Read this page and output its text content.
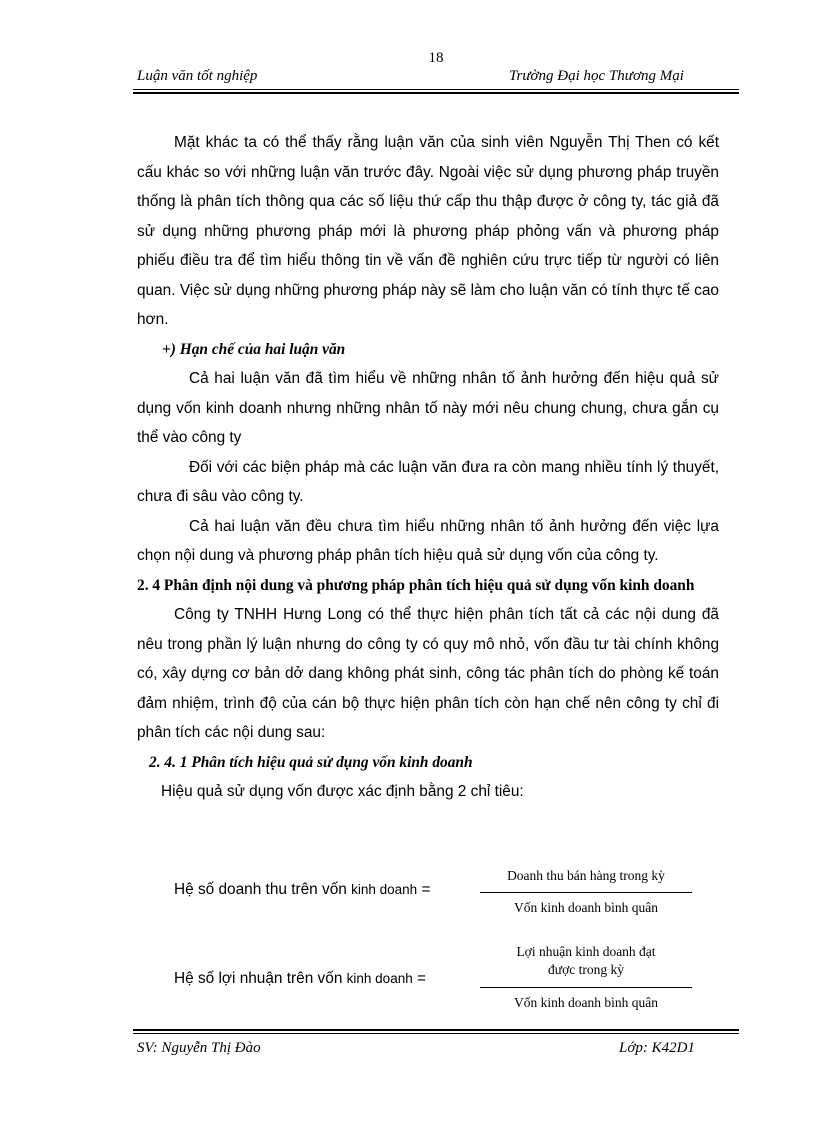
18
Luận văn tốt nghiệp	Trường Đại học Thương Mại

Mặt khác ta có thể thấy rằng luận văn của sinh viên Nguyễn Thị Then có kết cấu khác so với những luận văn trước đây. Ngoài việc sử dụng phương pháp truyền thống là phân tích thông qua các số liệu thứ cấp thu thập được ở công ty, tác giả đã sử dụng những phương pháp mới là phương pháp phỏng vấn và phương pháp phiếu điều tra để tìm hiểu thông tin về vấn đề nghiên cứu trực tiếp từ người có liên quan. Việc sử dụng những phương pháp này sẽ làm cho luận văn có tính thực tế cao hơn.

+) Hạn chế của hai luận văn

Cả hai luận văn đã tìm hiểu về những nhân tố ảnh hưởng đến hiệu quả sử dụng vốn kinh doanh nhưng những nhân tố này mới nêu chung chung, chưa gắn cụ thể vào công ty

Đối với các biện pháp mà các luận văn đưa ra còn mang nhiều tính lý thuyết, chưa đi sâu vào công ty.

Cả hai luận văn đều chưa tìm hiểu những nhân tố ảnh hưởng đến việc lựa chọn nội dung và phương pháp phân tích hiệu quả sử dụng vốn của công ty.

2. 4 Phân định nội dung và phương pháp phân tích hiệu quả sử dụng vốn kinh doanh

Công ty TNHH Hưng Long có thể thực hiện phân tích tất cả các nội dung đã nêu trong phần lý luận nhưng do công ty có quy mô nhỏ, vốn đầu tư tài chính không có, xây dựng cơ bản dở dang không phát sinh, công tác phân tích do phòng kế toán đảm nhiệm, trình độ của cán bộ thực hiện phân tích còn hạn chế nên công ty chỉ đi phân tích các nội dung sau:

2. 4. 1 Phân tích hiệu quả sử dụng vốn kinh doanh

Hiệu quả sử dụng vốn được xác định bằng 2 chỉ tiêu:

Hệ số doanh thu trên vốn kinh doanh =
Doanh thu bán hàng trong kỳ
Vốn kinh doanh bình quân
Hệ số lợi nhuận trên vốn kinh doanh =
Lợi nhuận kinh doanh đạt
được trong kỳ
Vốn kinh doanh bình quân
SV: Nguyễn Thị Đào	Lớp: K42D1
